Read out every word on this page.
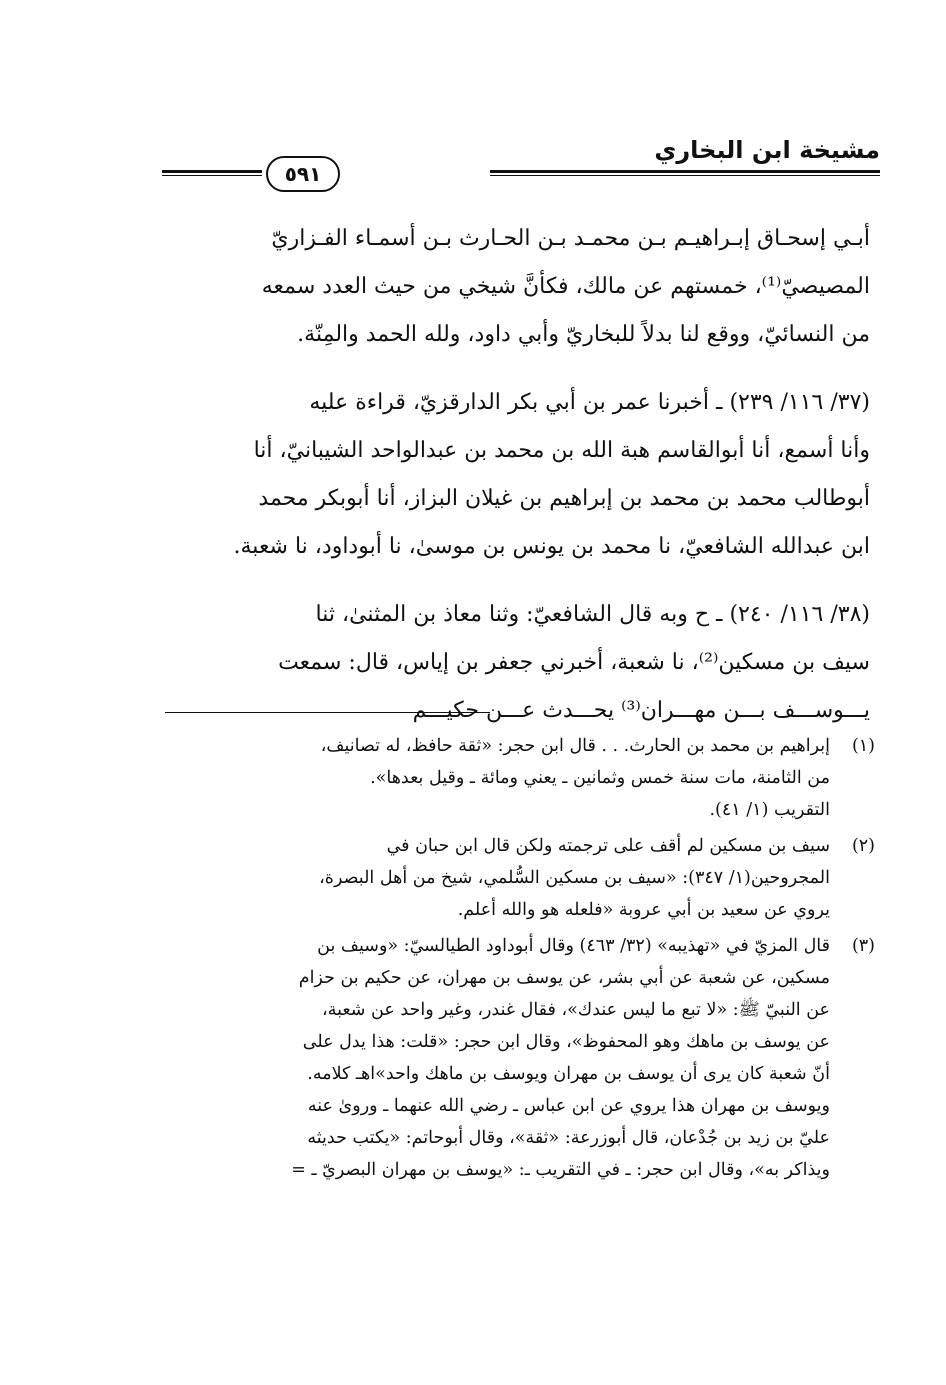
مشيخة ابن البخاري
٥٩١

أبـي إسحـاق إبـراهيـم بـن محمـد بـن الحـارث بـن أسمـاء الفـزاريّ

المصيصيّ⁽¹⁾، خمستهم عن مالك، فكأنَّ شيخي من حيث العدد سمعه

من النسائيّ، ووقع لنا بدلاً للبخاريّ وأبي داود، ولله الحمد والمِنّة.

(٣٧/ ١١٦/ ٢٣٩) ـ أخبرنا عمر بن أبي بكر الدارقزيّ، قراءة عليه

وأنا أسمع، أنا أبوالقاسم هبة الله بن محمد بن عبدالواحد الشيبانيّ، أنا

أبوطالب محمد بن محمد بن إبراهيم بن غيلان البزاز، أنا أبوبكر محمد

ابن عبدالله الشافعيّ، نا محمد بن يونس بن موسىٰ، نا أبوداود، نا شعبة.

(٣٨/ ١١٦/ ٢٤٠) ـ ح وبه قال الشافعيّ: وثنا معاذ بن المثنىٰ، ثنا

سيف بن مسكين⁽²⁾، نا شعبة، أخبرني جعفر بن إياس، قال: سمعت

يـــوســـف بـــن مهـــران⁽³⁾ يحـــدث عـــن حكيـــم

(١)
إبراهيم بن محمد بن الحارث. . . قال ابن حجر: «ثقة حافظ، له تصانيف،
من الثامنة، مات سنة خمس وثمانين ـ يعني ومائة ـ وقيل بعدها».
التقريب (١/ ٤١).
(٢)
سيف بن مسكين لم أقف على ترجمته ولكن قال ابن حبان في
المجروحين(١/ ٣٤٧): «سيف بن مسكين السُّلمي، شيخ من أهل البصرة،
يروي عن سعيد بن أبي عروبة «فلعله هو والله أعلم.
(٣)
قال المزيّ في «تهذيبه» (٣٢/ ٤٦٣) وقال أبوداود الطيالسيّ: «وسيف بن
مسكين، عن شعبة عن أبي بشر، عن يوسف بن مهران، عن حكيم بن حزام
عن النبيّ ﷺ: «لا تبع ما ليس عندك»، فقال غندر، وغير واحد عن شعبة،
عن يوسف بن ماهك وهو المحفوظ»، وقال ابن حجر: «قلت: هذا يدل على
أنّ شعبة كان يرى أن يوسف بن مهران ويوسف بن ماهك واحد»اهـ كلامه.
ويوسف بن مهران هذا يروي عن ابن عباس ـ رضي الله عنهما ـ وروىٰ عنه
عليّ بن زيد بن جُدْعان، قال أبوزرعة: «ثقة»، وقال أبوحاتم: «يكتب حديثه
ويذاكر به»، وقال ابن حجر: ـ في التقريب ـ: «يوسف بن مهران البصريّ ـ =
